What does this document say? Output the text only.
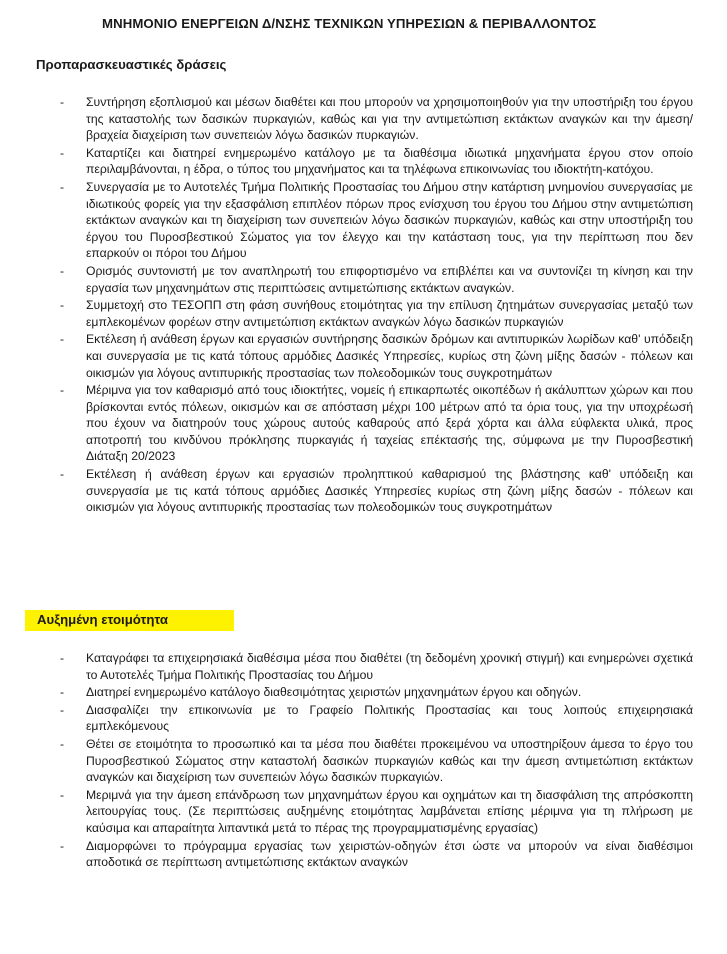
ΜΝΗΜΟΝΙΟ ΕΝΕΡΓΕΙΩΝ Δ/ΝΣΗΣ ΤΕΧΝΙΚΩΝ ΥΠΗΡΕΣΙΩΝ & ΠΕΡΙΒΑΛΛΟΝΤΟΣ
Προπαρασκευαστικές δράσεις
- Συντήρηση εξοπλισμού και μέσων διαθέτει και που μπορούν να χρησιμοποιηθούν για την υποστήριξη του έργου της καταστολής των δασικών πυρκαγιών, καθώς και για την αντιμετώπιση εκτάκτων αναγκών και την άμεση/βραχεία διαχείριση των συνεπειών λόγω δασικών πυρκαγιών.
- Καταρτίζει και διατηρεί ενημερωμένο κατάλογο με τα διαθέσιμα ιδιωτικά μηχανήματα έργου στον οποίο περιλαμβάνονται, η έδρα, ο τύπος του μηχανήματος και τα τηλέφωνα επικοινωνίας του ιδιοκτήτη-κατόχου.
- Συνεργασία με το Αυτοτελές Τμήμα Πολιτικής Προστασίας του Δήμου στην κατάρτιση μνημονίου συνεργασίας με ιδιωτικούς φορείς για την εξασφάλιση επιπλέον πόρων προς ενίσχυση του έργου του Δήμου στην αντιμετώπιση εκτάκτων αναγκών και τη διαχείριση των συνεπειών λόγω δασικών πυρκαγιών, καθώς και στην υποστήριξη του έργου του Πυροσβεστικού Σώματος για τον έλεγχο και την κατάσταση τους, για την περίπτωση που δεν επαρκούν οι πόροι του Δήμου
- Ορισμός συντονιστή με τον αναπληρωτή του επιφορτισμένο να επιβλέπει και να συντονίζει τη κίνηση και την εργασία των μηχανημάτων στις περιπτώσεις αντιμετώπισης εκτάκτων αναγκών.
- Συμμετοχή στο ΤΕΣΟΠΠ στη φάση συνήθους ετοιμότητας για την επίλυση ζητημάτων συνεργασίας μεταξύ των εμπλεκομένων φορέων στην αντιμετώπιση εκτάκτων αναγκών λόγω δασικών πυρκαγιών
- Εκτέλεση ή ανάθεση έργων και εργασιών συντήρησης δασικών δρόμων και αντιπυρικών λωρίδων καθ' υπόδειξη και συνεργασία με τις κατά τόπους αρμόδιες Δασικές Υπηρεσίες, κυρίως στη ζώνη μίξης δασών - πόλεων και οικισμών για λόγους αντιπυρικής προστασίας των πολεοδομικών τους συγκροτημάτων
- Μέριμνα για τον καθαρισμό από τους ιδιοκτήτες, νομείς ή επικαρπωτές οικοπέδων ή ακάλυπτων χώρων και που βρίσκονται εντός πόλεων, οικισμών και σε απόσταση μέχρι 100 μέτρων από τα όρια τους, για την υποχρέωσή που έχουν να διατηρούν τους χώρους αυτούς καθαρούς από ξερά χόρτα και άλλα εύφλεκτα υλικά, προς αποτροπή του κινδύνου πρόκλησης πυρκαγιάς ή ταχείας επέκτασής της, σύμφωνα με την Πυροσβεστική Διάταξη 20/2023
- Εκτέλεση ή ανάθεση έργων και εργασιών προληπτικού καθαρισμού της βλάστησης καθ' υπόδειξη και συνεργασία με τις κατά τόπους αρμόδιες Δασικές Υπηρεσίες κυρίως στη ζώνη μίξης δασών - πόλεων και οικισμών για λόγους αντιπυρικής προστασίας των πολεοδομικών τους συγκροτημάτων
Αυξημένη ετοιμότητα
- Καταγράφει τα επιχειρησιακά διαθέσιμα μέσα που διαθέτει (τη δεδομένη χρονική στιγμή) και ενημερώνει σχετικά το Αυτοτελές Τμήμα Πολιτικής Προστασίας του Δήμου
- Διατηρεί ενημερωμένο κατάλογο διαθεσιμότητας χειριστών μηχανημάτων έργου και οδηγών.
- Διασφαλίζει την επικοινωνία με το Γραφείο Πολιτικής Προστασίας και τους λοιπούς επιχειρησιακά εμπλεκόμενους
- Θέτει σε ετοιμότητα το προσωπικό και τα μέσα που διαθέτει προκειμένου να υποστηρίξουν άμεσα το έργο του Πυροσβεστικού Σώματος στην καταστολή δασικών πυρκαγιών καθώς και την άμεση αντιμετώπιση εκτάκτων αναγκών και διαχείριση των συνεπειών λόγω δασικών πυρκαγιών.
- Μεριμνά για την άμεση επάνδρωση των μηχανημάτων έργου και οχημάτων και τη διασφάλιση της απρόσκοπτη λειτουργίας τους. (Σε περιπτώσεις αυξημένης ετοιμότητας λαμβάνεται επίσης μέριμνα για τη πλήρωση με καύσιμα και απαραίτητα λιπαντικά μετά το πέρας της προγραμματισμένης εργασίας)
- Διαμορφώνει το πρόγραμμα εργασίας των χειριστών-οδηγών έτσι ώστε να μπορούν να είναι διαθέσιμοι αποδοτικά σε περίπτωση αντιμετώπισης εκτάκτων αναγκών
